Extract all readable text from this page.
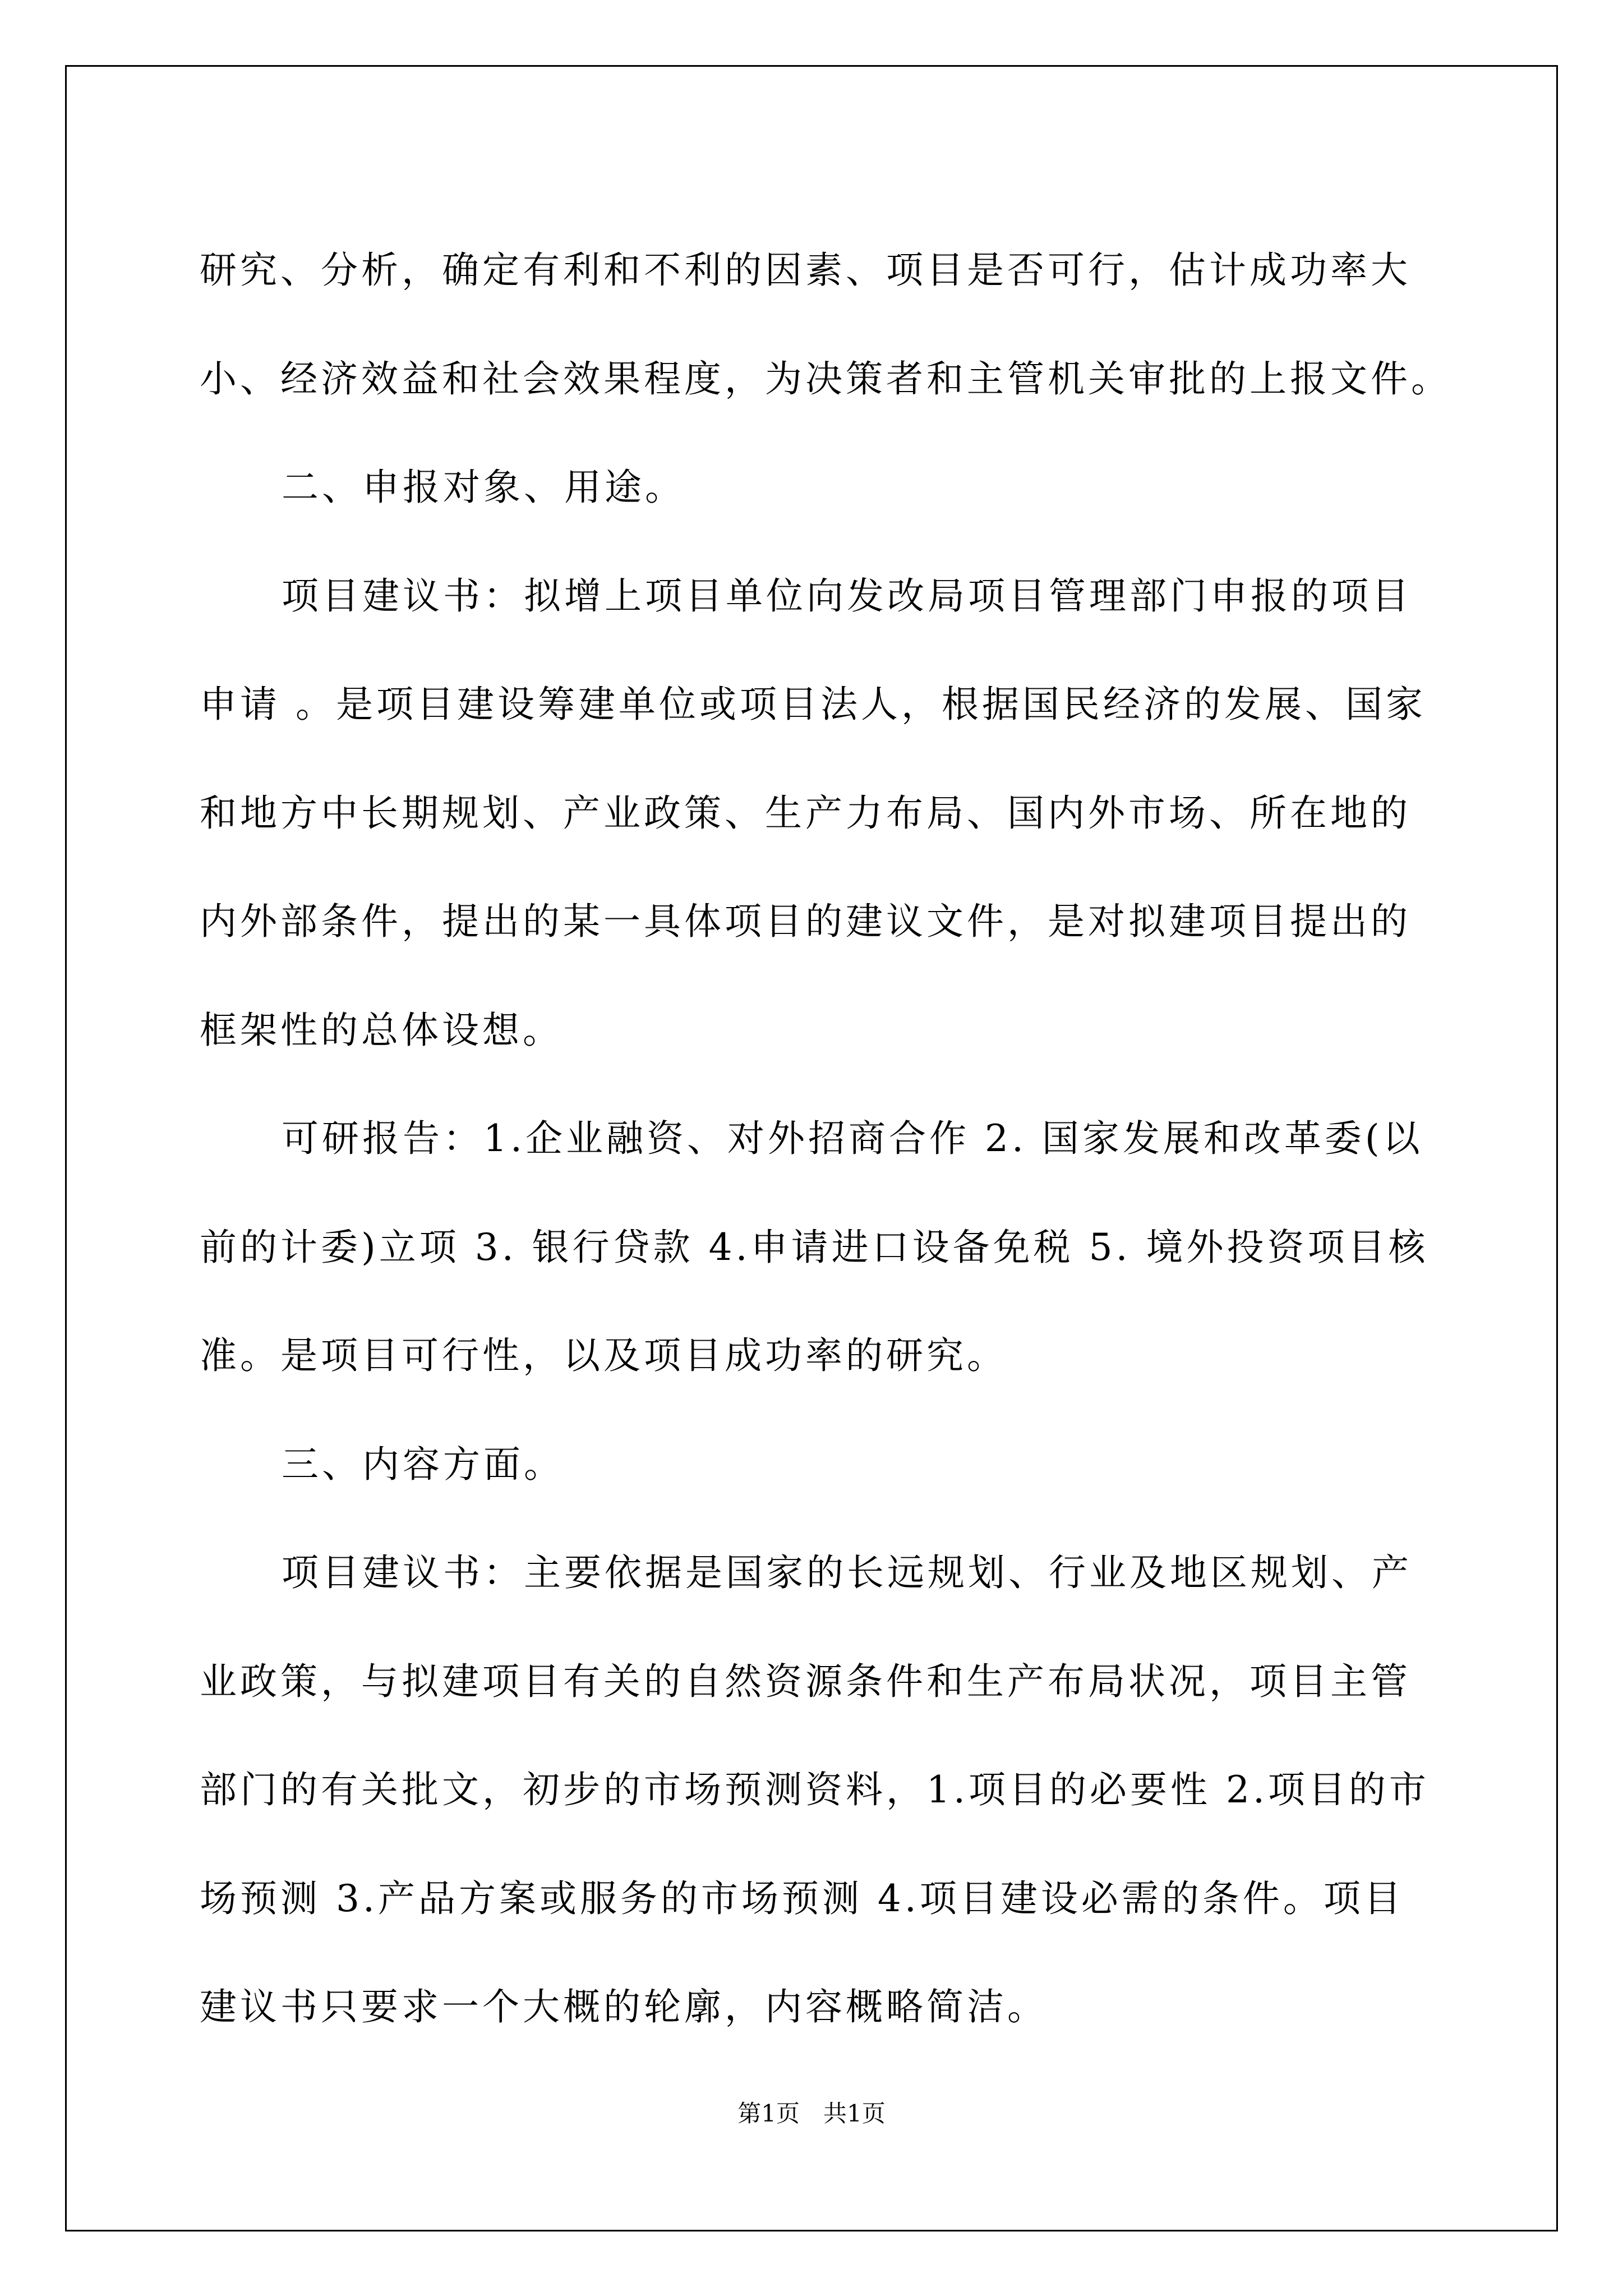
研究、分析，确定有利和不利的因素、项目是否可行，估计成功率大
小、经济效益和社会效果程度，为决策者和主管机关审批的上报文件。
二、申报对象、用途。
项目建议书：拟增上项目单位向发改局项目管理部门申报的项目
申请 。是项目建设筹建单位或项目法人，根据国民经济的发展、国家
和地方中长期规划、产业政策、生产力布局、国内外市场、所在地的
内外部条件，提出的某一具体项目的建议文件，是对拟建项目提出的
框架性的总体设想。
可研报告：1.企业融资、对外招商合作 2. 国家发展和改革委(以
前的计委)立项 3. 银行贷款 4.申请进口设备免税 5. 境外投资项目核
准。是项目可行性，以及项目成功率的研究。
三、内容方面。
项目建议书：主要依据是国家的长远规划、行业及地区规划、产
业政策，与拟建项目有关的自然资源条件和生产布局状况，项目主管
部门的有关批文，初步的市场预测资料，1.项目的必要性 2.项目的市
场预测 3.产品方案或服务的市场预测 4.项目建设必需的条件。项目
建议书只要求一个大概的轮廓，内容概略简洁。
第1页　共1页
